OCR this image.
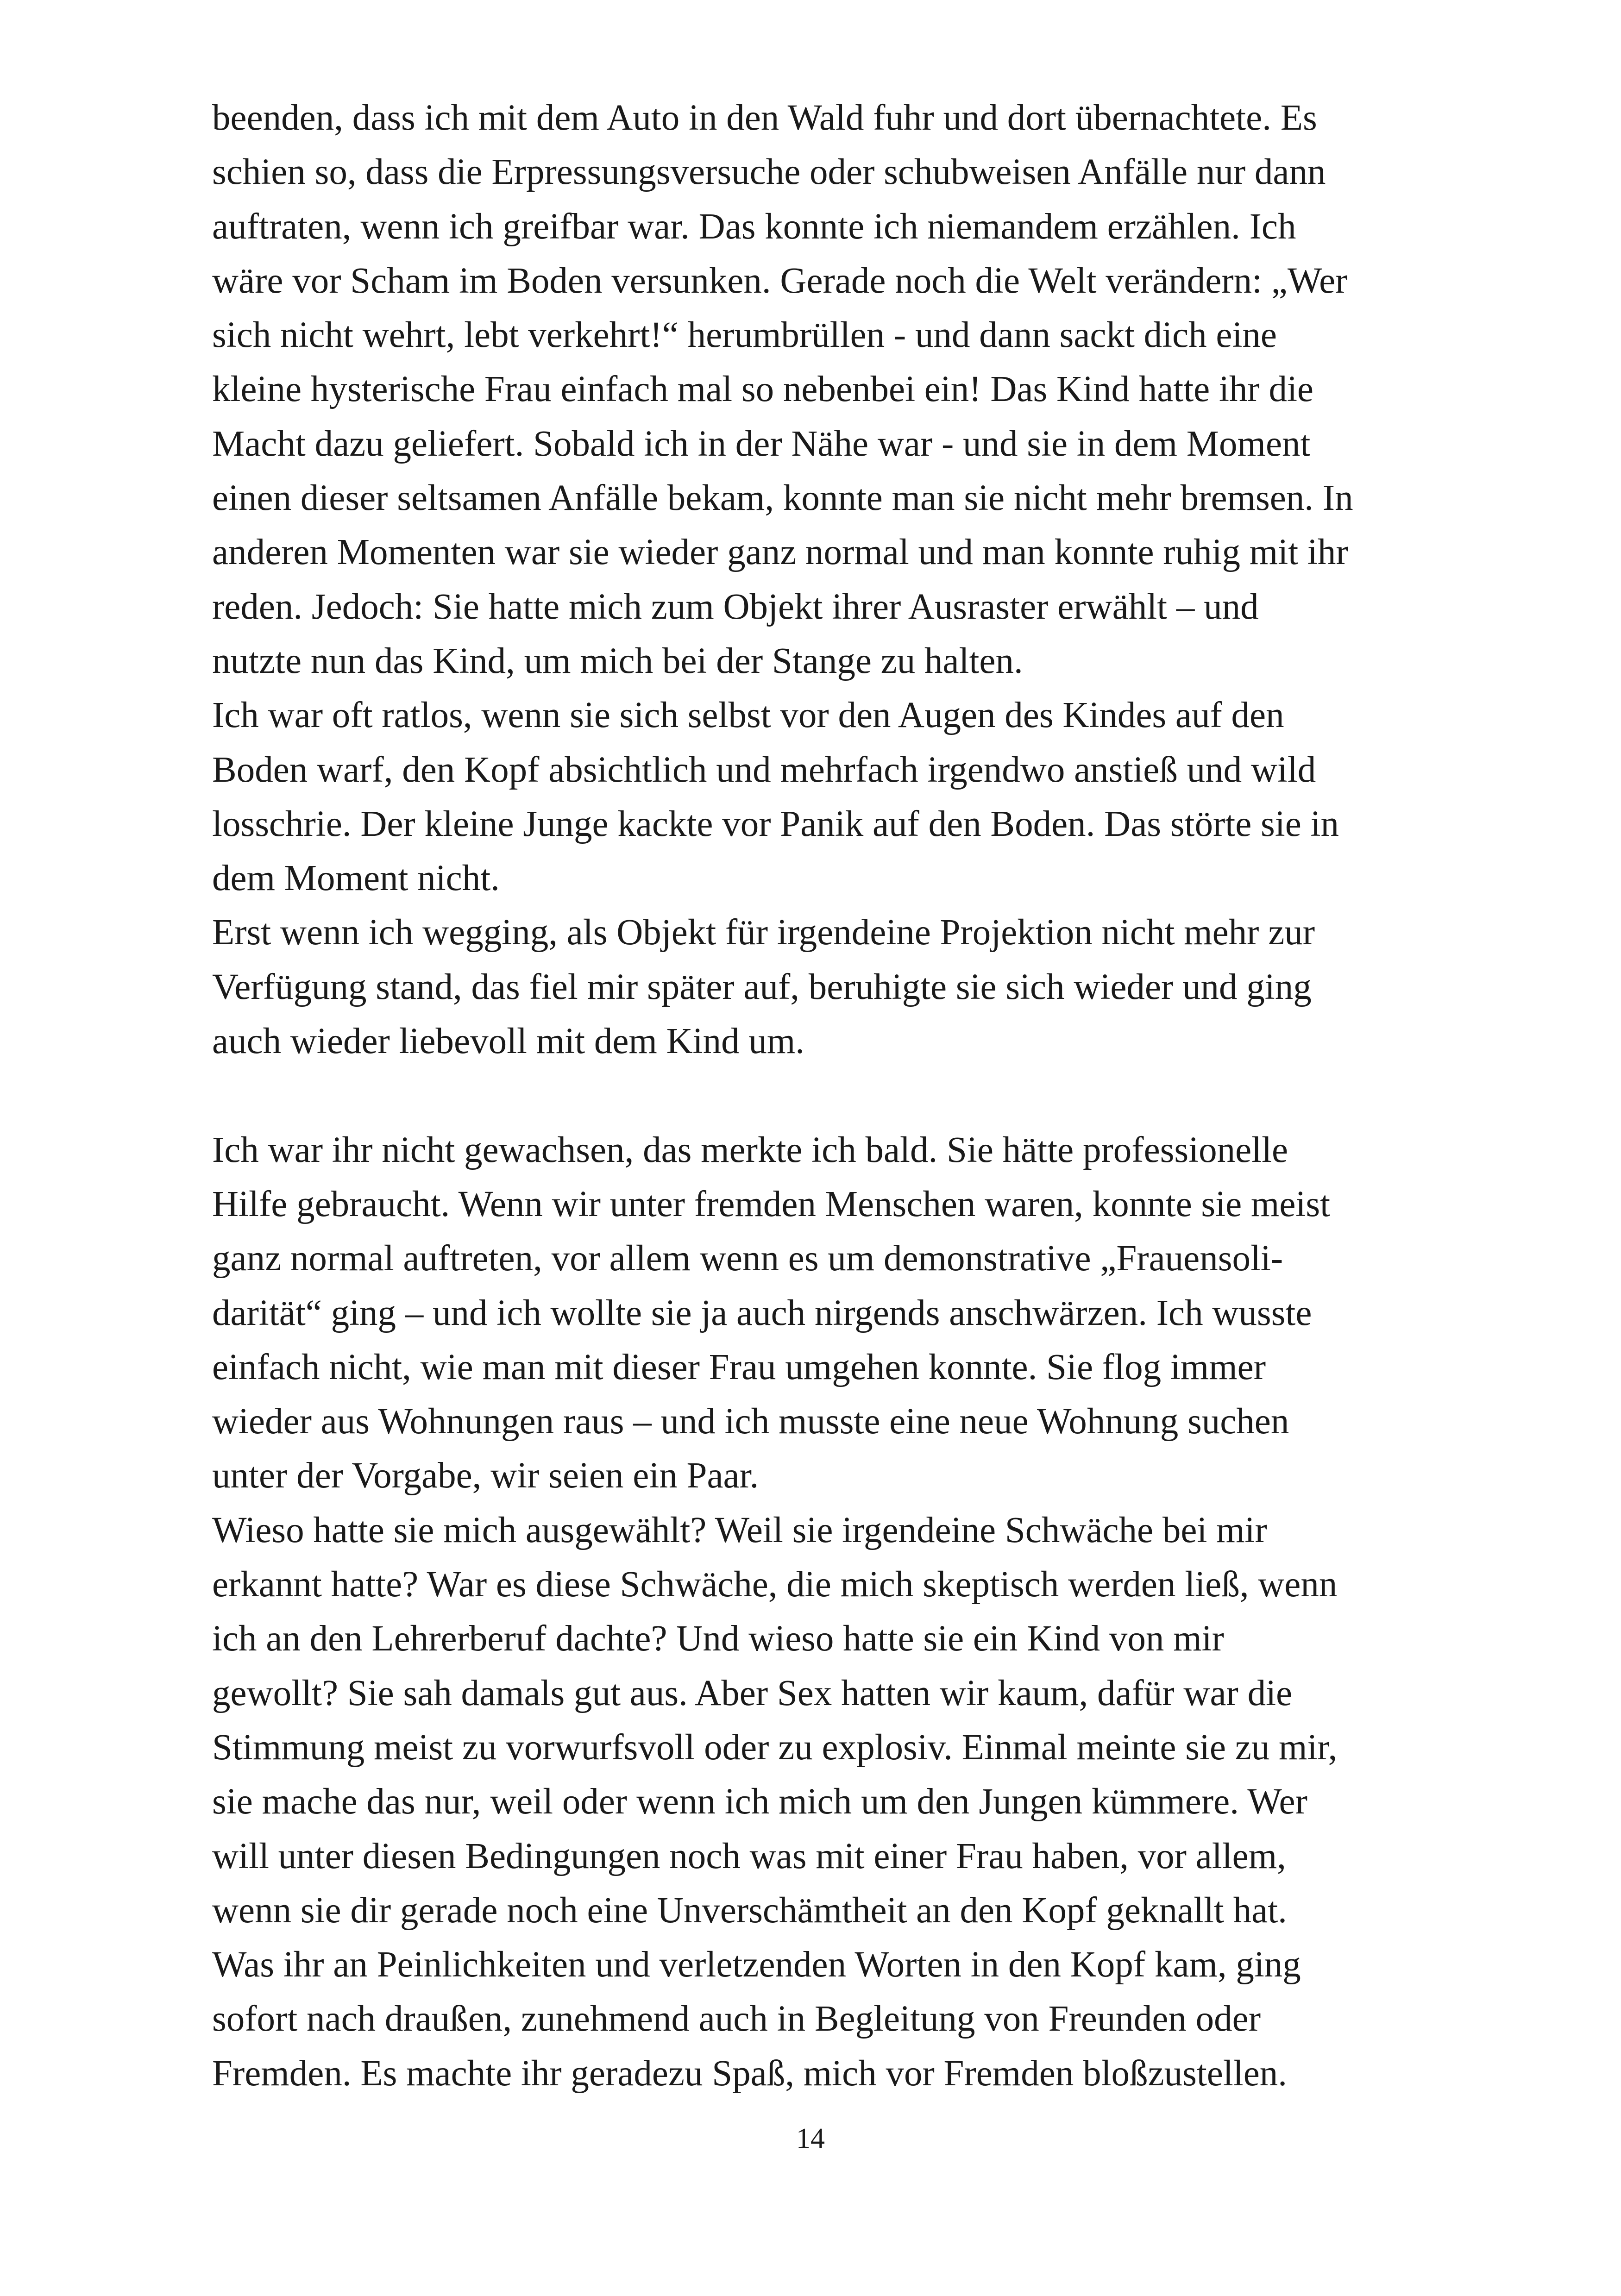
beenden, dass ich mit dem Auto in den Wald fuhr und dort übernachtete. Es
schien so, dass die Erpressungsversuche oder schubweisen Anfälle nur dann
auftraten, wenn ich greifbar war. Das konnte ich niemandem erzählen. Ich
wäre vor Scham im Boden versunken. Gerade noch die Welt verändern: „Wer
sich nicht wehrt, lebt verkehrt!“ herumbrüllen - und dann sackt dich eine
kleine hysterische Frau einfach mal so nebenbei ein! Das Kind hatte ihr die
Macht dazu geliefert. Sobald ich in der Nähe war - und sie in dem Moment
einen dieser seltsamen Anfälle bekam, konnte man sie nicht mehr bremsen. In
anderen Momenten war sie wieder ganz normal und man konnte ruhig mit ihr
reden. Jedoch: Sie hatte mich zum Objekt ihrer Ausraster erwählt – und
nutzte nun das Kind, um mich bei der Stange zu halten.
Ich war oft ratlos, wenn sie sich selbst vor den Augen des Kindes auf den
Boden warf, den Kopf absichtlich und mehrfach irgendwo anstieß und wild
losschrie. Der kleine Junge kackte vor Panik auf den Boden. Das störte sie in
dem Moment nicht.
Erst wenn ich wegging, als Objekt für irgendeine Projektion nicht mehr zur
Verfügung stand, das fiel mir später auf, beruhigte sie sich wieder und ging
auch wieder liebevoll mit dem Kind um.
Ich war ihr nicht gewachsen, das merkte ich bald. Sie hätte professionelle
Hilfe gebraucht. Wenn wir unter fremden Menschen waren, konnte sie meist
ganz normal auftreten, vor allem wenn es um demonstrative „Frauensoli-
darität“ ging – und ich wollte sie ja auch nirgends anschwärzen. Ich wusste
einfach nicht, wie man mit dieser Frau umgehen konnte. Sie flog immer
wieder aus Wohnungen raus – und ich musste eine neue Wohnung suchen
unter der Vorgabe, wir seien ein Paar.
Wieso hatte sie mich ausgewählt? Weil sie irgendeine Schwäche bei mir
erkannt hatte? War es diese Schwäche, die mich skeptisch werden ließ, wenn
ich an den Lehrerberuf dachte? Und wieso hatte sie ein Kind von mir
gewollt? Sie sah damals gut aus. Aber Sex hatten wir kaum, dafür war die
Stimmung meist zu vorwurfsvoll oder zu explosiv. Einmal meinte sie zu mir,
sie mache das nur, weil oder wenn ich mich um den Jungen kümmere. Wer
will unter diesen Bedingungen noch was mit einer Frau haben, vor allem,
wenn sie dir gerade noch eine Unverschämtheit an den Kopf geknallt hat.
Was ihr an Peinlichkeiten und verletzenden Worten in den Kopf kam, ging
sofort nach draußen, zunehmend auch in Begleitung von Freunden oder
Fremden. Es machte ihr geradezu Spaß, mich vor Fremden bloßzustellen.
14
